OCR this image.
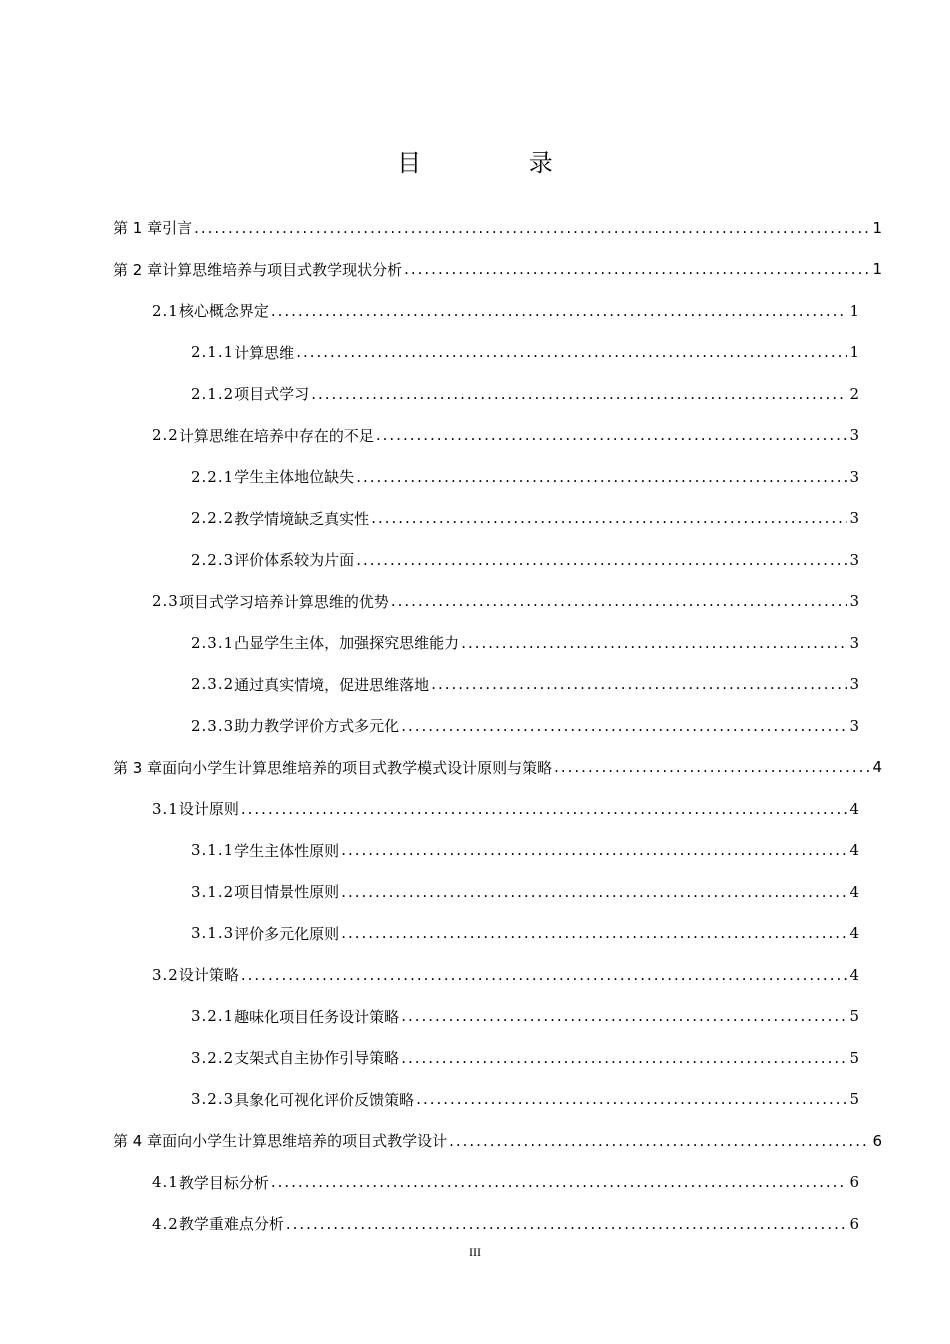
目 录
第 1 章 引言 .....	1
第 2 章 计算思维培养与项目式教学现状分析 .....	1
2.1 核心概念界定 .....	1
2.1.1 计算思维 .....	1
2.1.2 项目式学习 .....	2
2.2 计算思维在培养中存在的不足 .....	3
2.2.1 学生主体地位缺失 .....	3
2.2.2 教学情境缺乏真实性 .....	3
2.2.3 评价体系较为片面 .....	3
2.3 项目式学习培养计算思维的优势 .....	3
2.3.1 凸显学生主体，加强探究思维能力 .....	3
2.3.2 通过真实情境，促进思维落地 .....	3
2.3.3 助力教学评价方式多元化 .....	3
第 3 章 面向小学生计算思维培养的项目式教学模式设计原则与策略 .....	4
3.1 设计原则 .....	4
3.1.1 学生主体性原则 .....	4
3.1.2 项目情景性原则 .....	4
3.1.3 评价多元化原则 .....	4
3.2 设计策略 .....	4
3.2.1 趣味化项目任务设计策略 .....	5
3.2.2 支架式自主协作引导策略 .....	5
3.2.3 具象化可视化评价反馈策略 .....	5
第 4 章 面向小学生计算思维培养的项目式教学设计 .....	6
4.1 教学目标分析 .....	6
4.2 教学重难点分析 .....	6
III
